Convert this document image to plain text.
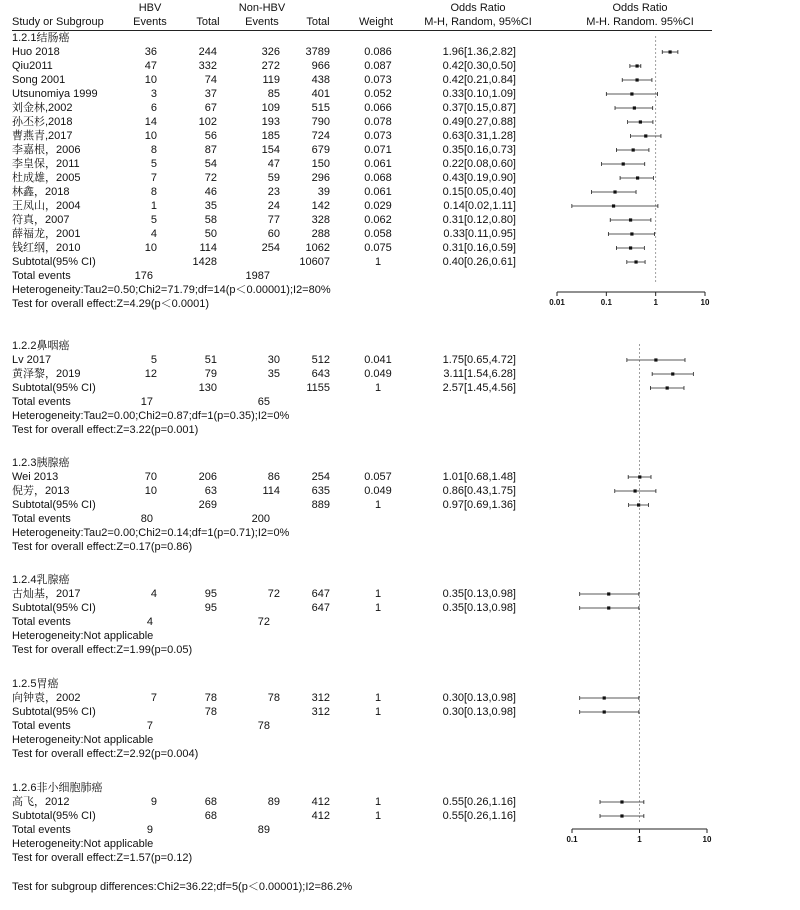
0.01	0.1	1	10
0.1	1	10
HBV
Events	Total
Non-HBV
Events	Total	Weight
Odds Ratio
M-H, Random, 95%CI
Odds Ratio
M-H. Random. 95%CI
Study or Subgroup
1.2.1结肠癌
Huo 2018	36	244	326	3789	0.086	1.96[1.36,2.82]
Qiu2011	47	332	272	966	0.087	0.42[0.30,0.50]
Song 2001	10	74	119	438	0.073	0.42[0.21,0.84]
Utsunomiya 1999	3	37	85	401	0.052	0.33[0.10,1.09]
刘金林,2002	6	67	109	515	0.066	0.37[0.15,0.87]
孙丕杉,2018	14	102	193	790	0.078	0.49[0.27,0.88]
曹燕青,2017	10	56	185	724	0.073	0.63[0.31,1.28]
李嘉根，2006	8	87	154	679	0.071	0.35[0.16,0.73]
李皇保，2011	5	54	47	150	0.061	0.22[0.08,0.60]
杜成雄，2005	7	72	59	296	0.068	0.43[0.19,0.90]
林鑫，2018	8	46	23	39	0.061	0.15[0.05,0.40]
王凤山，2004	1	35	24	142	0.029	0.14[0.02,1.11]
符真，2007	5	58	77	328	0.062	0.31[0.12,0.80]
薛福龙，2001	4	50	60	288	0.058	0.33[0.11,0.95]
钱红纲，2010	10	114	254	1062	0.075	0.31[0.16,0.59]
Subtotal(95% CI)	1428	10607	1	0.40[0.26,0.61]
Total events	176	1987
Heterogeneity:Tau2=0.50;Chi2=71.79;df=14(p＜0.00001);I2=80%
Test for overall effect:Z=4.29(p＜0.0001)
1.2.2鼻咽癌
Lv 2017	5	51	30	512	0.041	1.75[0.65,4.72]
黄泽黎，2019	12	79	35	643	0.049	3.11[1.54,6.28]
Subtotal(95% CI)	130	1155	1	2.57[1.45,4.56]
Total events	17	65
Heterogeneity:Tau2=0.00;Chi2=0.87;df=1(p=0.35);I2=0%
Test for overall effect:Z=3.22(p=0.001)
1.2.3胰腺癌
Wei 2013	70	206	86	254	0.057	1.01[0.68,1.48]
倪芳，2013	10	63	114	635	0.049	0.86[0.43,1.75]
Subtotal(95% CI)	269	889	1	0.97[0.69,1.36]
Total events	80	200
Heterogeneity:Tau2=0.00;Chi2=0.14;df=1(p=0.71);I2=0%
Test for overall effect:Z=0.17(p=0.86)
1.2.4乳腺癌
古灿基，2017	4	95	72	647	1	0.35[0.13,0.98]
Subtotal(95% CI)	95	647	1	0.35[0.13,0.98]
Total events	4	72
Heterogeneity:Not applicable
Test for overall effect:Z=1.99(p=0.05)
1.2.5胃癌
向钟袁，2002	7	78	78	312	1	0.30[0.13,0.98]
Subtotal(95% CI)	78	312	1	0.30[0.13,0.98]
Total events	7	78
Heterogeneity:Not applicable
Test for overall effect:Z=2.92(p=0.004)
1.2.6非小细胞肺癌
高飞，2012	9	68	89	412	1	0.55[0.26,1.16]
Subtotal(95% CI)	68	412	1	0.55[0.26,1.16]
Total events	9	89
Heterogeneity:Not applicable
Test for overall effect:Z=1.57(p=0.12)
Test for subgroup differences:Chi2=36.22;df=5(p＜0.00001);I2=86.2%
